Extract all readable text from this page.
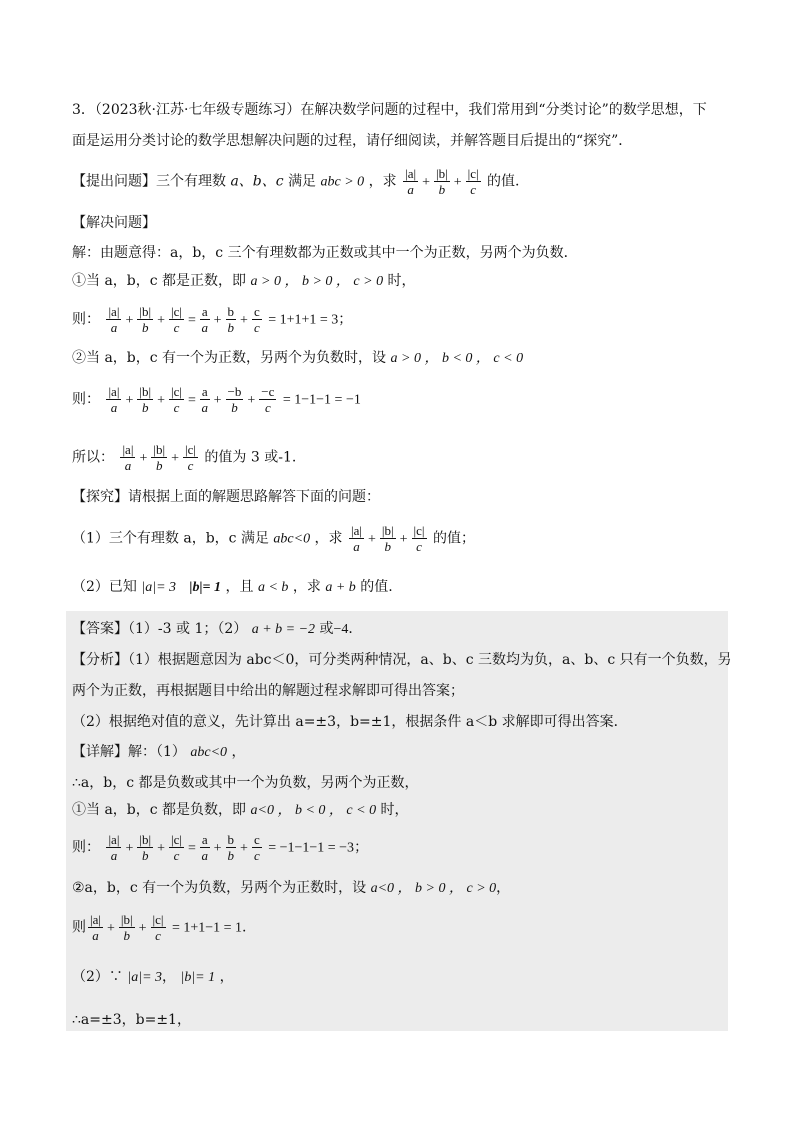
3．（2023秋·江苏·七年级专题练习）在解决数学问题的过程中，我们常用到“分类讨论”的数学思想，下
面是运用分类讨论的数学思想解决问题的过程，请仔细阅读，并解答题目后提出的“探究”．
【提出问题】三个有理数 a、b、c 满足 abc > 0 ，求 $\frac{|a|}{a} + \frac{|b|}{b} + \frac{|c|}{c}$ 的值.
【解决问题】
解：由题意得：a，b，c 三个有理数都为正数或其中一个为正数，另两个为负数．
①当 a，b，c 都是正数，即 a > 0 ， b > 0 ， c > 0 时，
则： $\frac{|a|}{a} + \frac{|b|}{b} + \frac{|c|}{c} = \frac{a}{a} + \frac{b}{b} + \frac{c}{c} = 1+1+1 = 3$；
②当 a，b，c 有一个为正数，另两个为负数时，设 a > 0 ， b < 0 ， c < 0
则： $\frac{|a|}{a} + \frac{|b|}{b} + \frac{|c|}{c} = \frac{a}{a} + \frac{-b}{b} + \frac{-c}{c} = 1-1-1 = -1$
所以： $\frac{|a|}{a} + \frac{|b|}{b} + \frac{|c|}{c}$ 的值为 3 或-1.
【探究】请根据上面的解题思路解答下面的问题：
（1）三个有理数 a，b，c 满足 abc<0 ，求 $\frac{|a|}{a} + \frac{|b|}{b} + \frac{|c|}{c}$ 的值；
（2）已知 |a|= 3 |b|= 1 ，且 a < b ，求 a + b 的值.
【答案】（1）-3 或 1；（2） a + b = −2 或−4．
【分析】（1）根据题意因为 abc＜0，可分类两种情况，a、b、c 三数均为负，a、b、c 只有一个负数，另
两个为正数，再根据题目中给出的解题过程求解即可得出答案；
（2）根据绝对值的意义，先计算出 a=±3，b=±1，根据条件 a＜b 求解即可得出答案．
【详解】解：（1） abc<0 ，
∴a，b，c 都是负数或其中一个为负数，另两个为正数，
①当 a，b，c 都是负数，即 a<0 ， b < 0 ， c < 0 时，
则： $\frac{|a|}{a} + \frac{|b|}{b} + \frac{|c|}{c} = \frac{a}{a} + \frac{b}{b} + \frac{c}{c} = -1-1-1 = -3$；
②a，b，c 有一个为负数，另两个为正数时，设 a<0 ， b > 0 ， c > 0，
则 $\frac{|a|}{a} + \frac{|b|}{b} + \frac{|c|}{c} = 1+1-1 = 1$.
（2）∵ |a|= 3， |b|= 1 ，
∴a=±3，b=±1，
